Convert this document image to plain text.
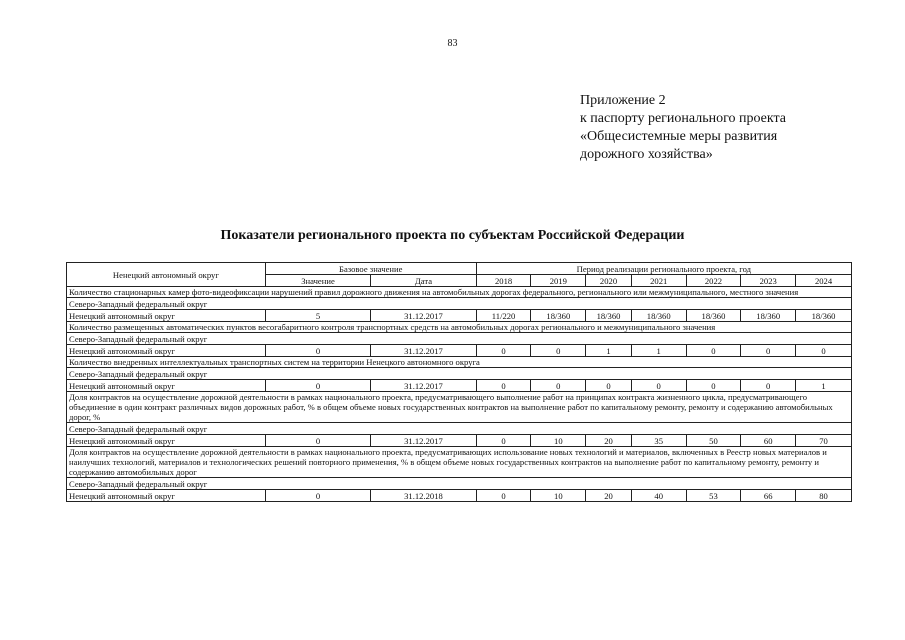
83
Приложение 2
к паспорту регионального проекта
«Общесистемные меры развития
дорожного хозяйства»
Показатели регионального проекта по субъектам Российской Федерации
Ненецкий автономный округ	Базовое значение		Период реализации регионального проекта, год						
	Значение	Дата	2018	2019	2020	2021	2022	2023	2024
Количество стационарных камер фото-видеофиксации нарушений правил дорожного движения на автомобильных дорогах федерального, регионального или межмуниципального, местного значения									
Северо-Западный федеральный округ									
Ненецкий автономный округ	5	31.12.2017	11/220	18/360	18/360	18/360	18/360	18/360	18/360
Количество размещенных автоматических пунктов весогабаритного контроля транспортных средств на автомобильных дорогах регионального и межмуниципального значения									
Северо-Западный федеральный округ									
Ненецкий автономный округ	0	31.12.2017	0	0	1	1	0	0	0
Количество внедренных интеллектуальных транспортных систем на территории Ненецкого автономного округа									
Северо-Западный федеральный округ									
Ненецкий автономный округ	0	31.12.2017	0	0	0	0	0	0	1
Доля контрактов на осуществление дорожной деятельности в рамках национального проекта, предусматривающего выполнение работ на принципах контракта жизненного цикла, предусматривающего объединение в один контракт различных видов дорожных работ, % в общем объеме новых государственных контрактов на выполнение работ по капитальному ремонту, ремонту и содержанию автомобильных дорог, %									
Северо-Западный федеральный округ									
Ненецкий автономный округ	0	31.12.2017	0	10	20	35	50	60	70
Доля контрактов на осуществление дорожной деятельности в рамках национального проекта, предусматривающих использование новых технологий и материалов, включенных в Реестр новых материалов и наилучших технологий, материалов и технологических решений повторного применения, % в общем объеме новых государственных контрактов на выполнение работ по капитальному ремонту, ремонту и содержанию автомобильных дорог									
Северо-Западный федеральный округ									
Ненецкий автономный округ	0	31.12.2018	0	10	20	40	53	66	80
